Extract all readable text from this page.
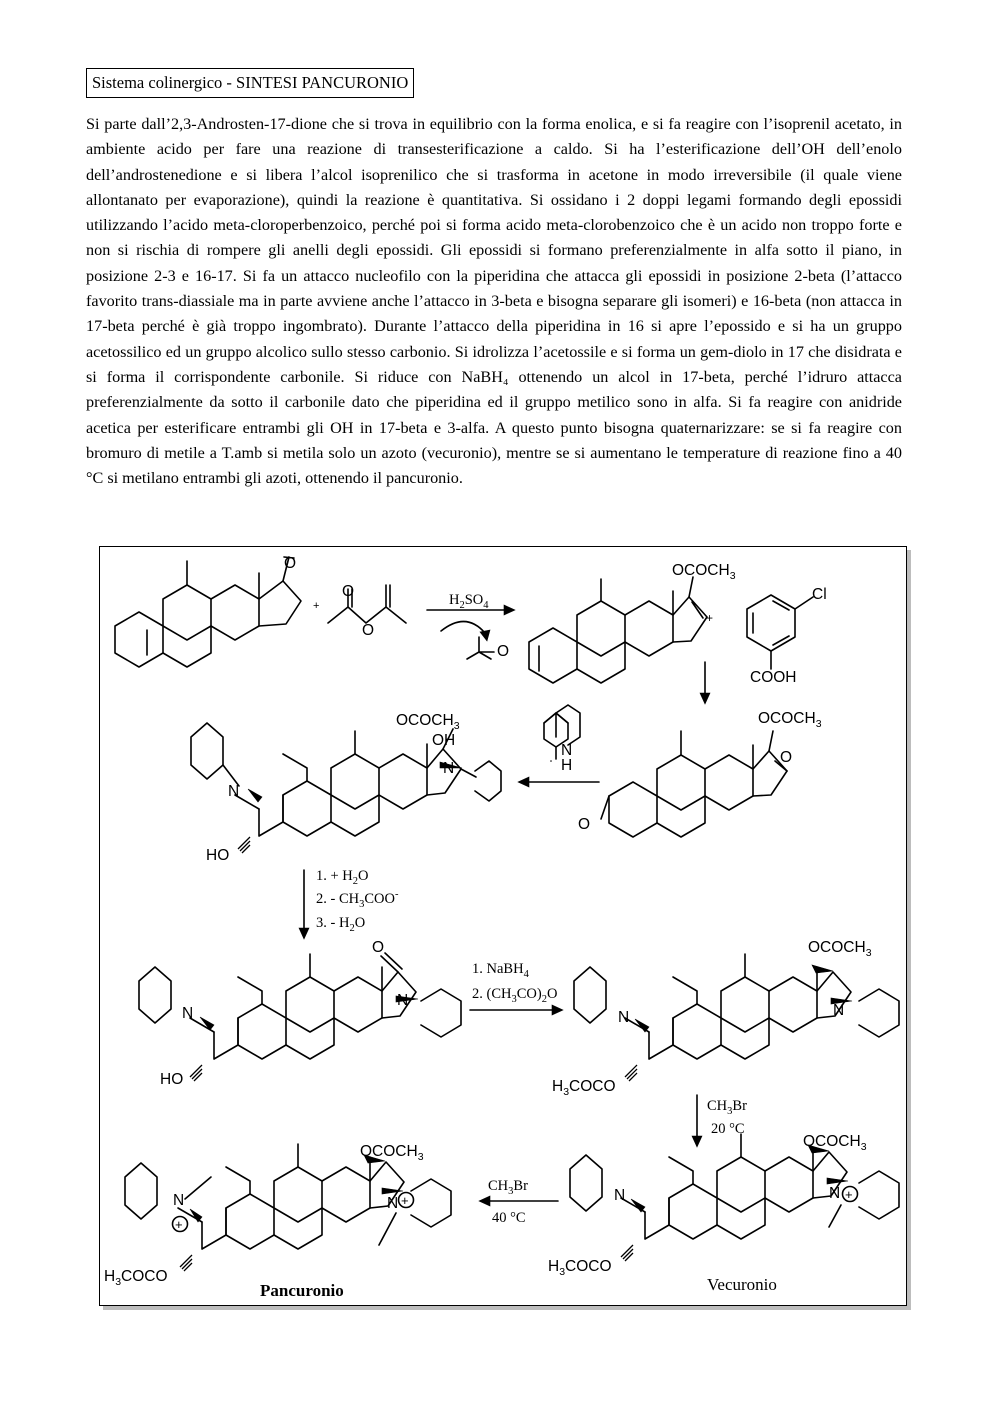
Sistema colinergico - SINTESI PANCURONIO
Si parte dall’2,3-Androsten-17-dione che si trova in equilibrio con la forma enolica, e si fa reagire con l’isoprenil acetato, in ambiente acido per fare una reazione di transesterificazione a caldo. Si ha l’esterificazione dell’OH dell’enolo dell’androstenedione e si libera l’alcol isoprenilico che si trasforma in acetone in modo irreversibile (il quale viene allontanato per evaporazione), quindi la reazione è quantitativa. Si ossidano i 2 doppi legami formando degli epossidi utilizzando l’acido meta-cloroperbenzoico, perché poi si forma acido meta-clorobenzoico che è un acido non troppo forte e non si rischia di rompere gli anelli degli epossidi. Gli epossidi si formano preferenzialmente in alfa sotto il piano, in posizione 2-3 e 16-17. Si fa un attacco nucleofilo con la piperidina che attacca gli epossidi in posizione 2-beta (l’attacco favorito trans-diassiale ma in parte avviene anche l’attacco in 3-beta e bisogna separare gli isomeri) e 16-beta (non attacca in 17-beta perché è già troppo ingombrato). Durante l’attacco della piperidina in 16 si apre l’epossido e si ha un gruppo acetossilico ed un gruppo alcolico sullo stesso carbonio. Si idrolizza l’acetossile e si forma un gem-diolo in 17 che disidrata e si forma il corrispondente carbonile. Si riduce con NaBH₄ ottenendo un alcol in 17-beta, perché l’idruro attacca preferenzialmente da sotto il carbonile dato che piperidina ed il gruppo metilico sono in alfa. Si fa reagire con anidride acetica per esterificare entrambi gli OH in 17-beta e 3-alfa. A questo punto bisogna quaternarizzare: se si fa reagire con bromuro di metile a T.amb si metila solo un azoto (vecuronio), mentre se si aumentano le temperature di reazione fino a 40 °C si metilano entrambi gli azoti, ottenendo il pancuronio.
O
+
O
O
$H_2SO_4$
O
$OCOCH_3$
+
Cl
COOH
N
H
$OCOCH_3$
O
O
$OCOCH_3$
OH
N
N
HO
1. + $H_2O$
2. - $CH_3COO^-$
3. - $H_2O$
O
N
N
HO
1. NaBH$_4$
2. $(CH_3CO)_2O$
$OCOCH_3$
N	N
$H_3COCO$
$CH_3Br$
20 °C
$OCOCH_3$
N	N +
$H_3COCO$
Vecuronio
$CH_3Br$
40 °C
$OCOCH_3$
N
+
N +
$H_3COCO$
Pancuronio
